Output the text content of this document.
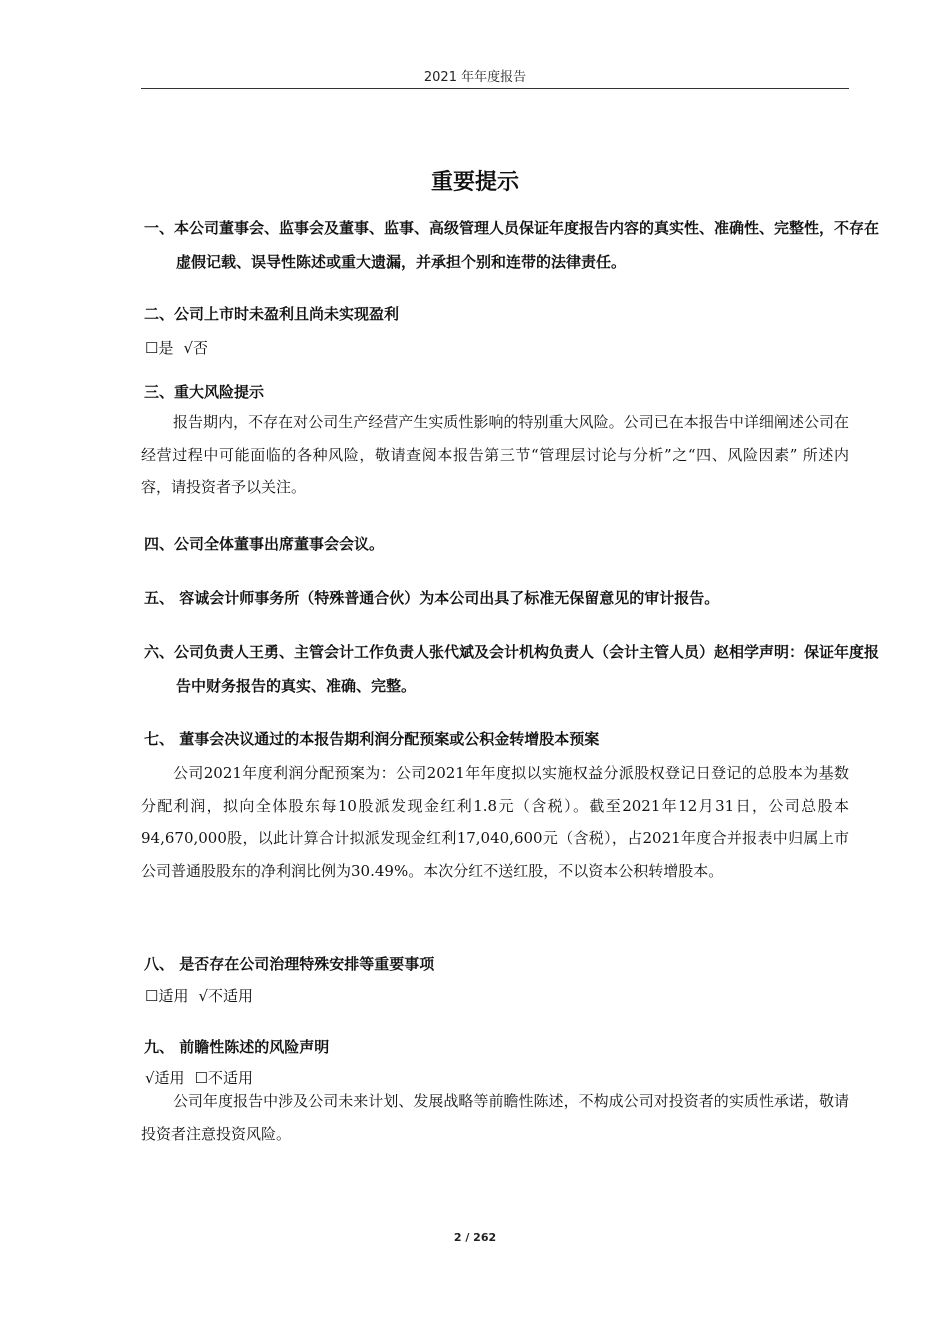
2021 年年度报告
重要提示
一、本公司董事会、监事会及董事、监事、高级管理人员保证年度报告内容的真实性、准确性、完整性，不存在虚假记载、误导性陈述或重大遗漏，并承担个别和连带的法律责任。
二、公司上市时未盈利且尚未实现盈利
☐是 √否
三、重大风险提示
报告期内，不存在对公司生产经营产生实质性影响的特别重大风险。公司已在本报告中详细阐述公司在经营过程中可能面临的各种风险，敬请查阅本报告第三节“管理层讨论与分析”之“四、风险因素” 所述内容，请投资者予以关注。
四、公司全体董事出席董事会会议。
五、 容诚会计师事务所（特殊普通合伙）为本公司出具了标准无保留意见的审计报告。
六、公司负责人王勇、主管会计工作负责人张代斌及会计机构负责人（会计主管人员）赵相学声明：保证年度报告中财务报告的真实、准确、完整。
七、 董事会决议通过的本报告期利润分配预案或公积金转增股本预案
公司2021年度利润分配预案为：公司2021年年度拟以实施权益分派股权登记日登记的总股本为基数分配利润，拟向全体股东每10股派发现金红利1.8元（含税）。截至2021年12月31日，公司总股本94,670,000股，以此计算合计拟派发现金红利17,040,600元（含税），占2021年度合并报表中归属上市公司普通股股东的净利润比例为30.49%。本次分红不送红股，不以资本公积转增股本。
八、 是否存在公司治理特殊安排等重要事项
☐适用 √不适用
九、 前瞻性陈述的风险声明
√适用 ☐不适用
公司年度报告中涉及公司未来计划、发展战略等前瞻性陈述，不构成公司对投资者的实质性承诺，敬请投资者注意投资风险。
2 / 262
